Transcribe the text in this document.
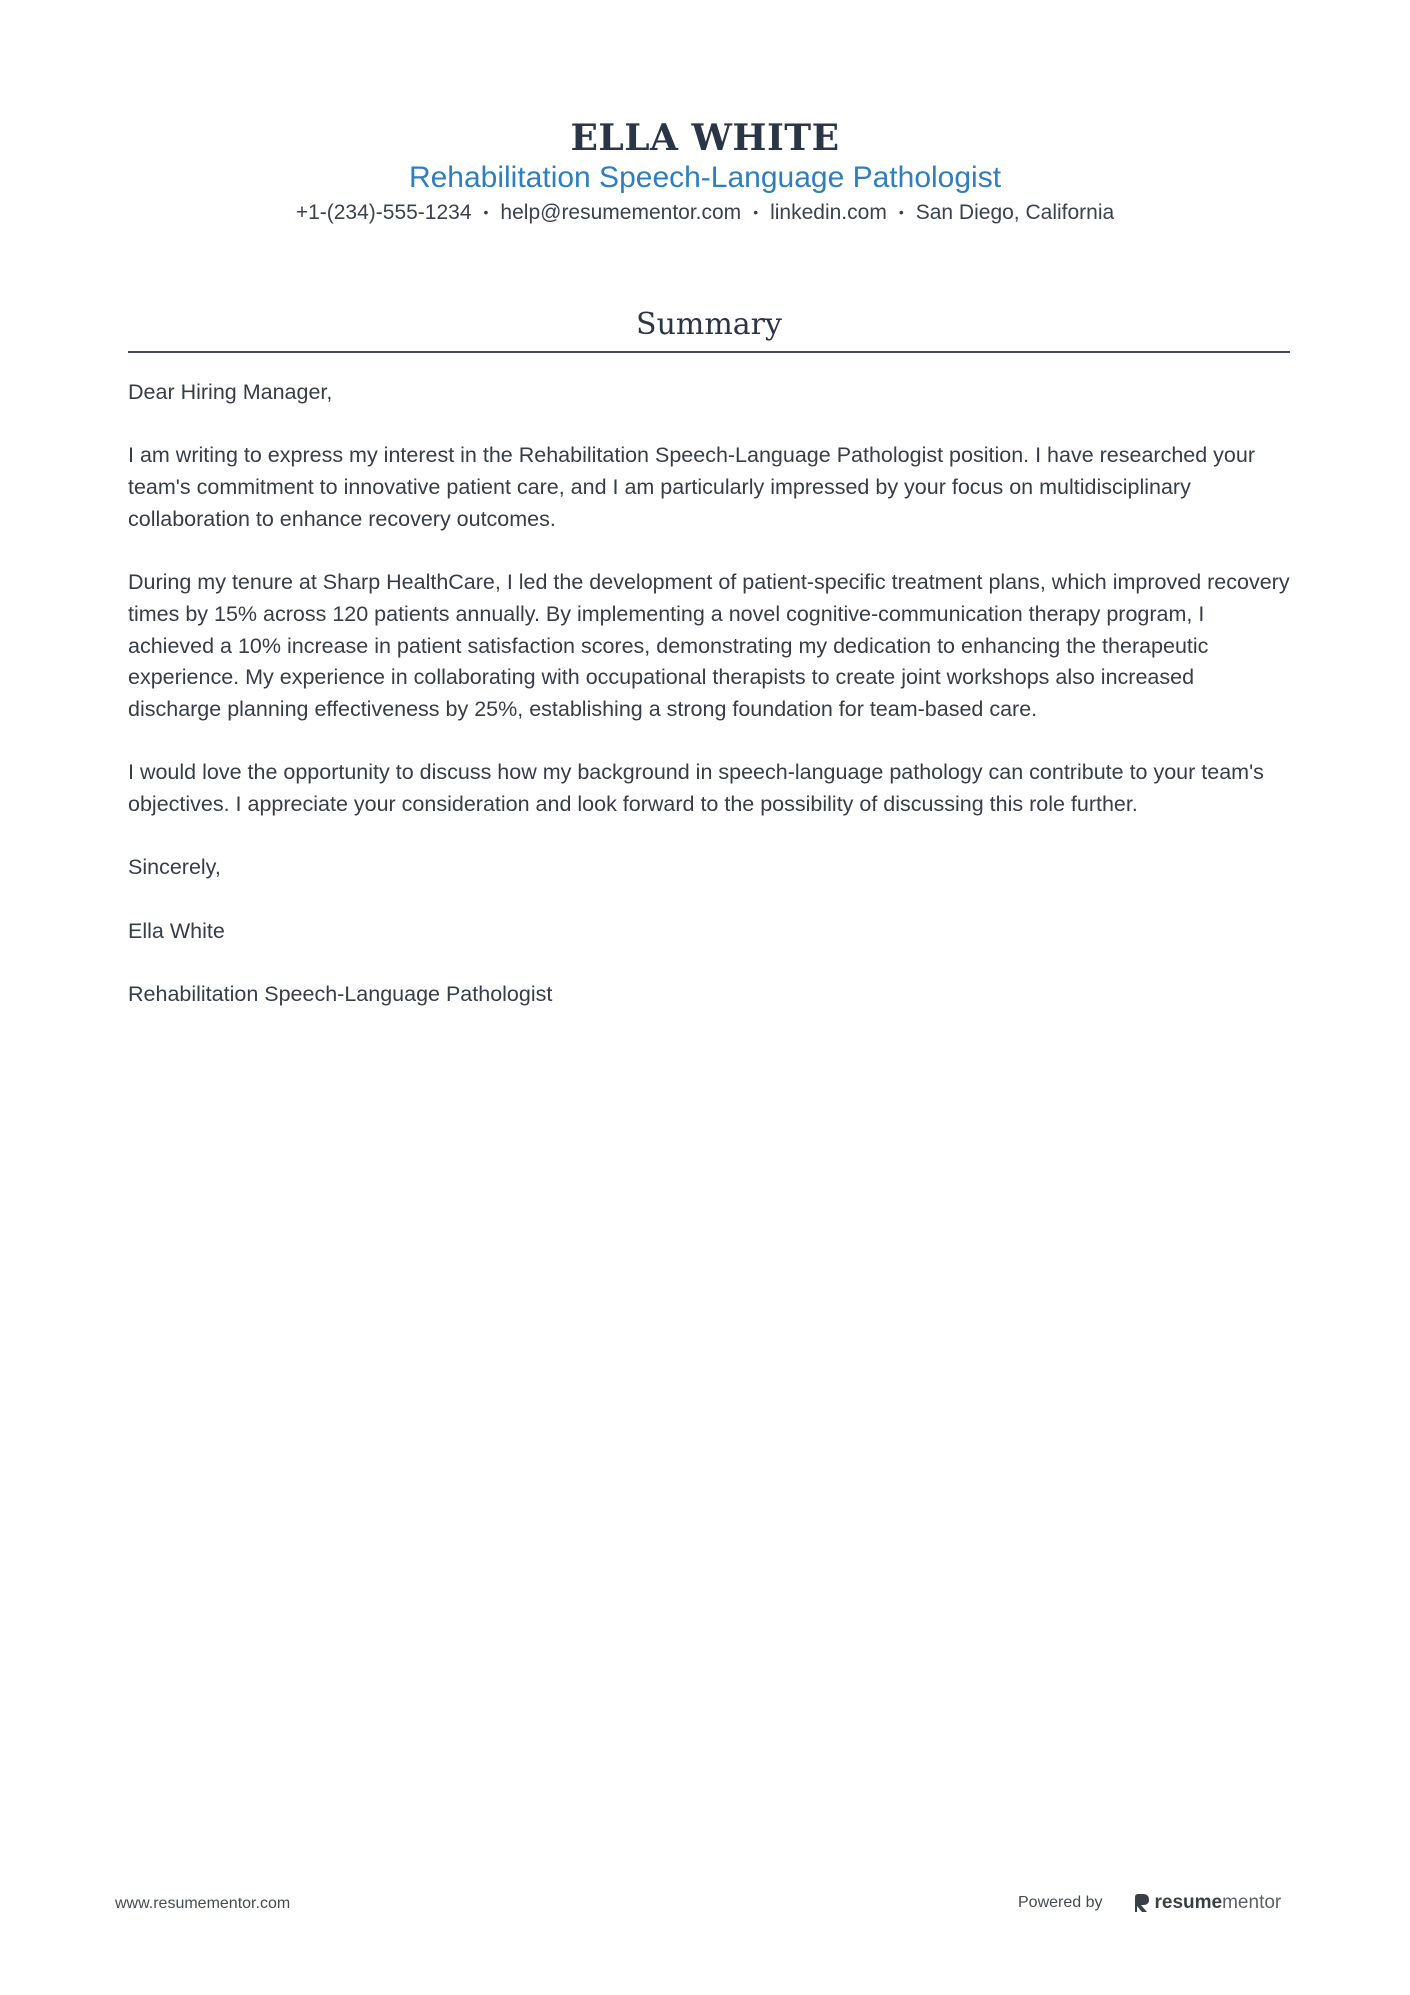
ELLA WHITE
Rehabilitation Speech-Language Pathologist
+1-(234)-555-1234 • help@resumementor.com • linkedin.com • San Diego, California
Summary

Dear Hiring Manager,

I am writing to express my interest in the Rehabilitation Speech-Language Pathologist position. I have researched your team's commitment to innovative patient care, and I am particularly impressed by your focus on multidisciplinary collaboration to enhance recovery outcomes.

During my tenure at Sharp HealthCare, I led the development of patient-specific treatment plans, which improved recovery times by 15% across 120 patients annually. By implementing a novel cognitive-communication therapy program, I achieved a 10% increase in patient satisfaction scores, demonstrating my dedication to enhancing the therapeutic experience. My experience in collaborating with occupational therapists to create joint workshops also increased discharge planning effectiveness by 25%, establishing a strong foundation for team-based care.

I would love the opportunity to discuss how my background in speech-language pathology can contribute to your team's objectives. I appreciate your consideration and look forward to the possibility of discussing this role further.

Sincerely,

Ella White

Rehabilitation Speech-Language Pathologist

www.resumementor.com	Powered by	resume mentor
